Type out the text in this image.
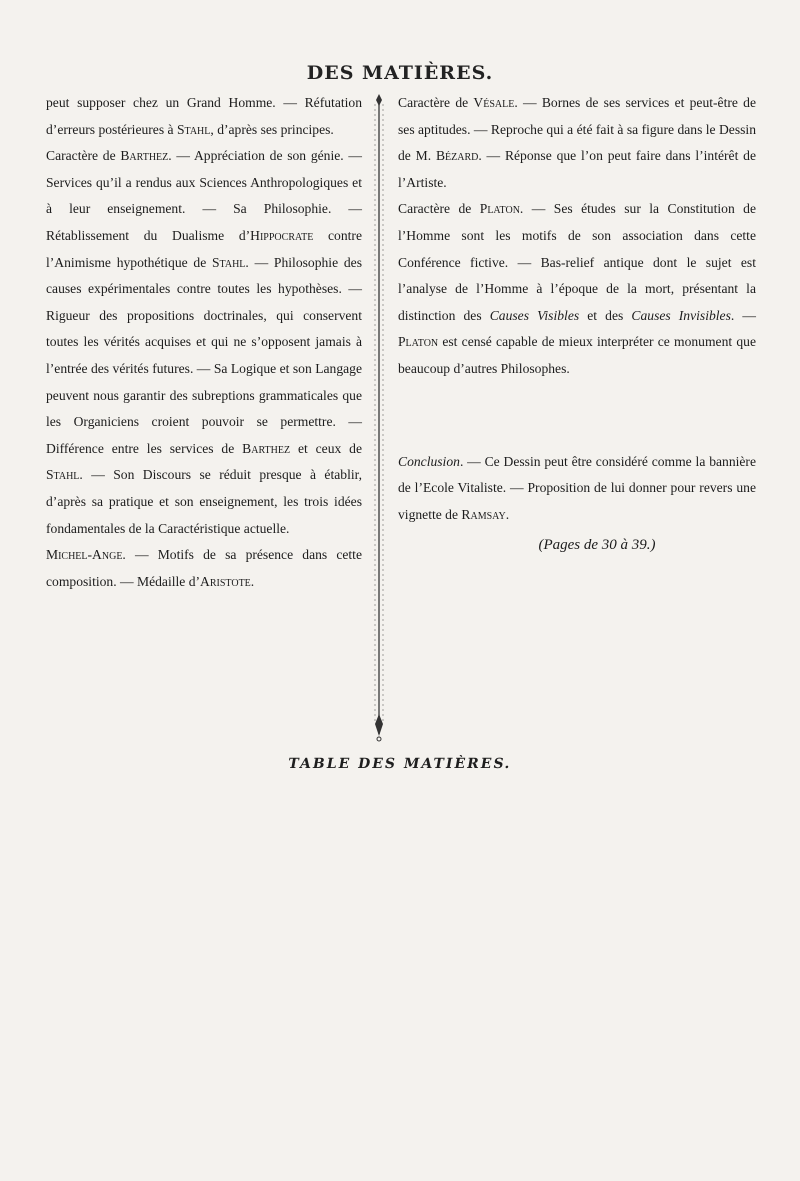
DES MATIÈRES.

peut supposer chez un Grand Homme. — Réfutation d’erreurs postérieures à Stahl, d’après ses principes.

Caractère de Barthez. — Appréciation de son génie. — Services qu’il a rendus aux Sciences Anthropologiques et à leur enseignement. — Sa Philosophie. — Rétablissement du Dualisme d’Hippocrate contre l’Animisme hypothétique de Stahl. — Philosophie des causes expérimentales contre toutes les hypothèses. — Rigueur des propositions doctrinales, qui conservent toutes les vérités acquises et qui ne s’opposent jamais à l’entrée des vérités futures. — Sa Logique et son Langage peuvent nous garantir des subreptions grammaticales que les Organiciens croient pouvoir se permettre. — Différence entre les services de Barthez et ceux de Stahl. — Son Discours se réduit presque à établir, d’après sa pratique et son enseignement, les trois idées fondamentales de la Caractéristique actuelle.

Michel-Ange. — Motifs de sa présence dans cette composition. — Médaille d’Aristote.

Caractère de Vésale. — Bornes de ses services et peut-être de ses aptitudes. — Reproche qui a été fait à sa figure dans le Dessin de M. Bézard. — Réponse que l’on peut faire dans l’intérêt de l’Artiste.

Caractère de Platon. — Ses études sur la Constitution de l’Homme sont les motifs de son association dans cette Conférence fictive. — Bas-relief antique dont le sujet est l’analyse de l’Homme à l’époque de la mort, présentant la distinction des Causes Visibles et des Causes Invisibles. — Platon est censé capable de mieux interpréter ce monument que beaucoup d’autres Philosophes.

Conclusion. — Ce Dessin peut être considéré comme la bannière de l’Ecole Vitaliste. — Proposition de lui donner pour revers une vignette de Ramsay.

(Pages de 30 à 39.)

TABLE DES MATIÈRES.
